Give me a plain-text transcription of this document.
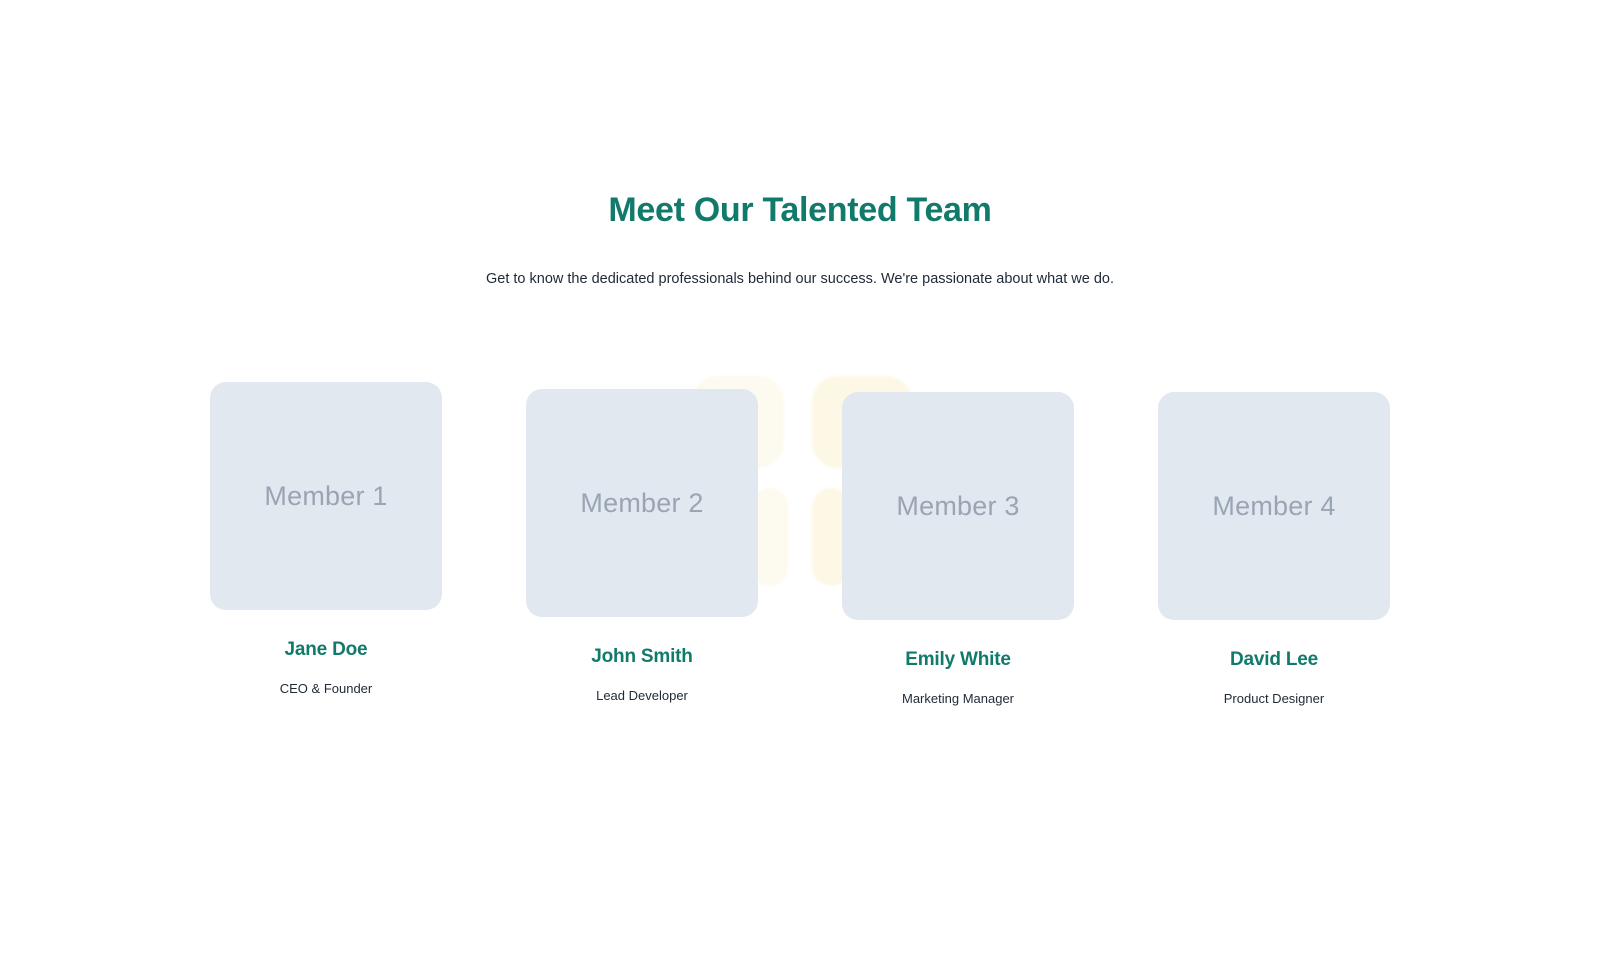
Meet Our Talented Team

Get to know the dedicated professionals behind our success. We're passionate about what we do.

Member 1

Jane Doe

CEO & Founder

Member 2

John Smith

Lead Developer

Member 3

Emily White

Marketing Manager

Member 4

David Lee

Product Designer
